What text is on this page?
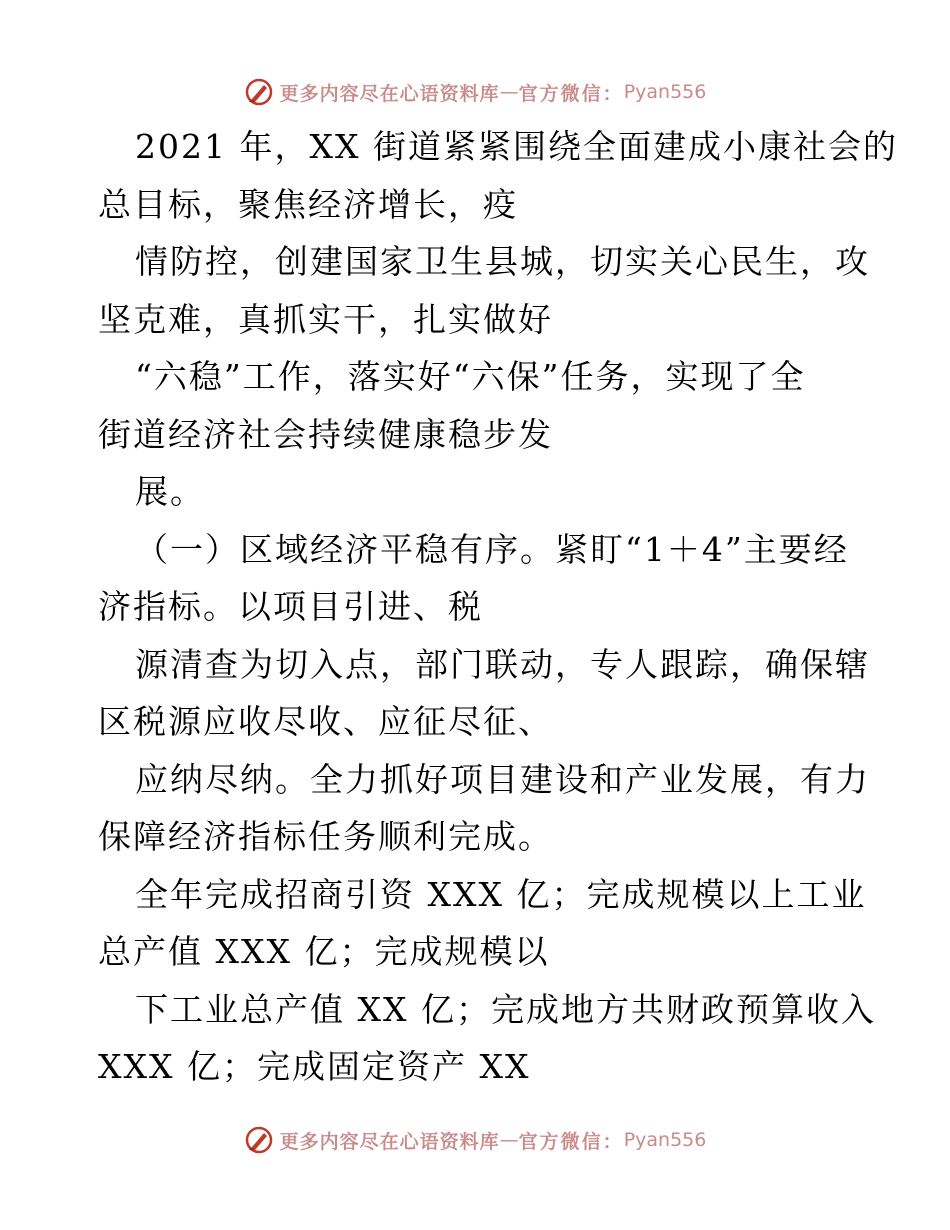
更多内容尽在心语资料库 — 官方微信： Pyan556
2021 年，XX 街道紧紧围绕全面建成小康社会的
总目标，聚焦经济增长，疫
情防控，创建国家卫生县城，切实关心民生，攻
坚克难，真抓实干，扎实做好
“六稳”工作，落实好“六保”任务，实现了全
街道经济社会持续健康稳步发
展。
（一）区域经济平稳有序。紧盯“1＋4”主要经
济指标。以项目引进、税
源清查为切入点，部门联动，专人跟踪，确保辖
区税源应收尽收、应征尽征、
应纳尽纳。全力抓好项目建设和产业发展，有力
保障经济指标任务顺利完成。
全年完成招商引资 XXX 亿；完成规模以上工业
总产值 XXX 亿；完成规模以
下工业总产值 XX 亿；完成地方共财政预算收入
XXX 亿；完成固定资产 XX
更多内容尽在心语资料库 — 官方微信： Pyan556
